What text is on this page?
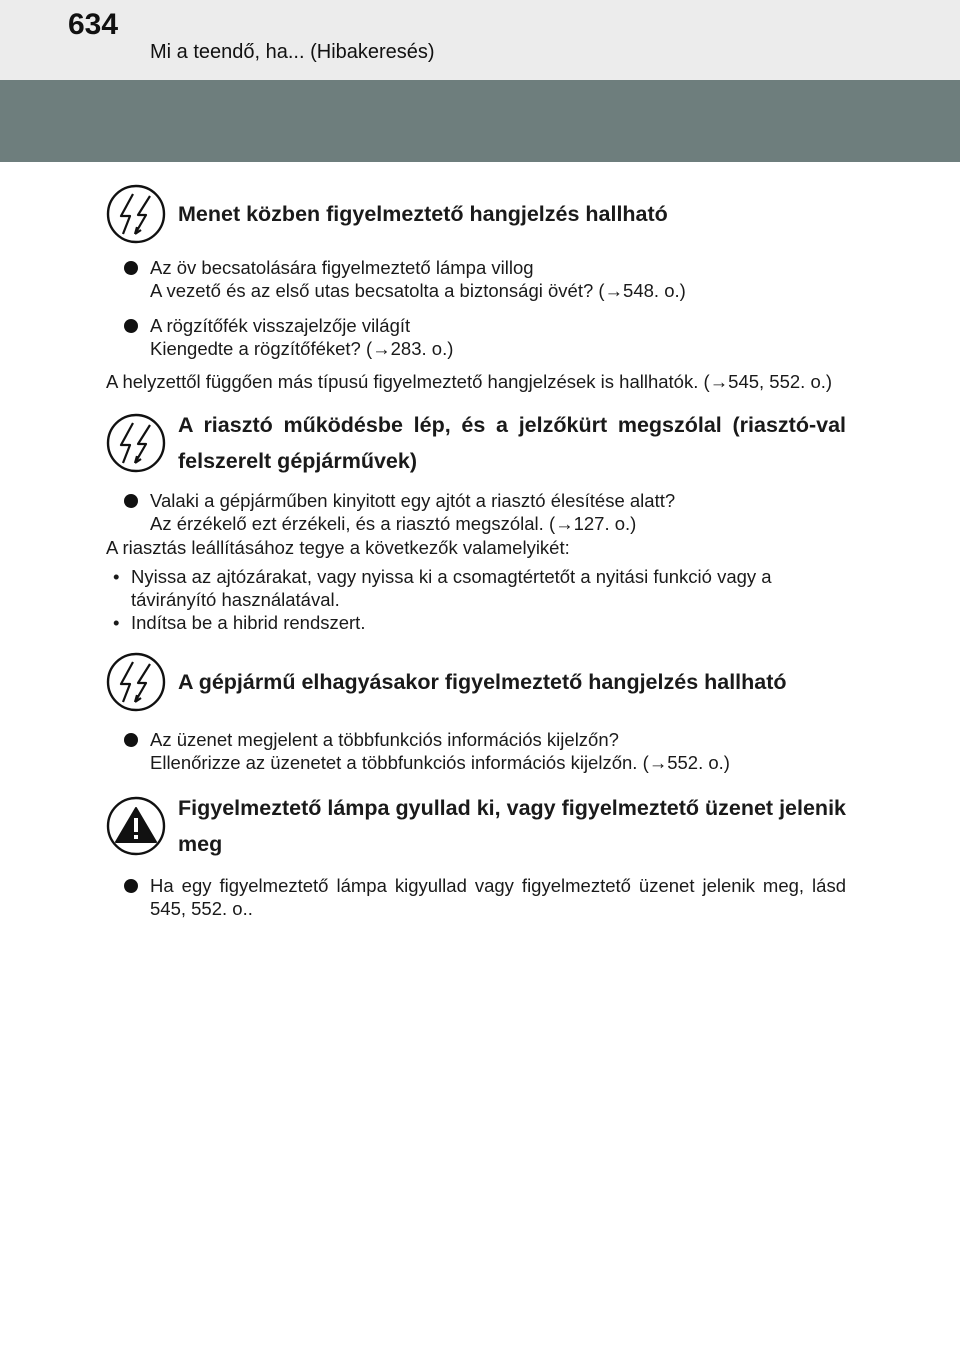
634
Mi a teendő, ha... (Hibakeresés)
Menet közben figyelmeztető hangjelzés hallható
Az öv becsatolására figyelmeztető lámpa villog
A vezető és az első utas becsatolta a biztonsági övét? (→548. o.)
A rögzítőfék visszajelzője világít
Kiengedte a rögzítőféket? (→283. o.)
A helyzettől függően más típusú figyelmeztető hangjelzések is hallhatók. (→545, 552. o.)
A riasztó működésbe lép, és a jelzőkürt megszólal (riasztó-val felszerelt gépjárművek)
Valaki a gépjárműben kinyitott egy ajtót a riasztó élesítése alatt?
Az érzékelő ezt érzékeli, és a riasztó megszólal. (→127. o.)
A riasztás leállításához tegye a következők valamelyikét:
• Nyissa az ajtózárakat, vagy nyissa ki a csomagtértetőt a nyitási funkció vagy a távirányító használatával.
• Indítsa be a hibrid rendszert.
A gépjármű elhagyásakor figyelmeztető hangjelzés hallható
Az üzenet megjelent a többfunkciós információs kijelzőn?
Ellenőrizze az üzenetet a többfunkciós információs kijelzőn. (→552. o.)
Figyelmeztető lámpa gyullad ki, vagy figyelmeztető üzenet jelenik meg
Ha egy figyelmeztető lámpa kigyullad vagy figyelmeztető üzenet jelenik meg, lásd 545, 552. o..
